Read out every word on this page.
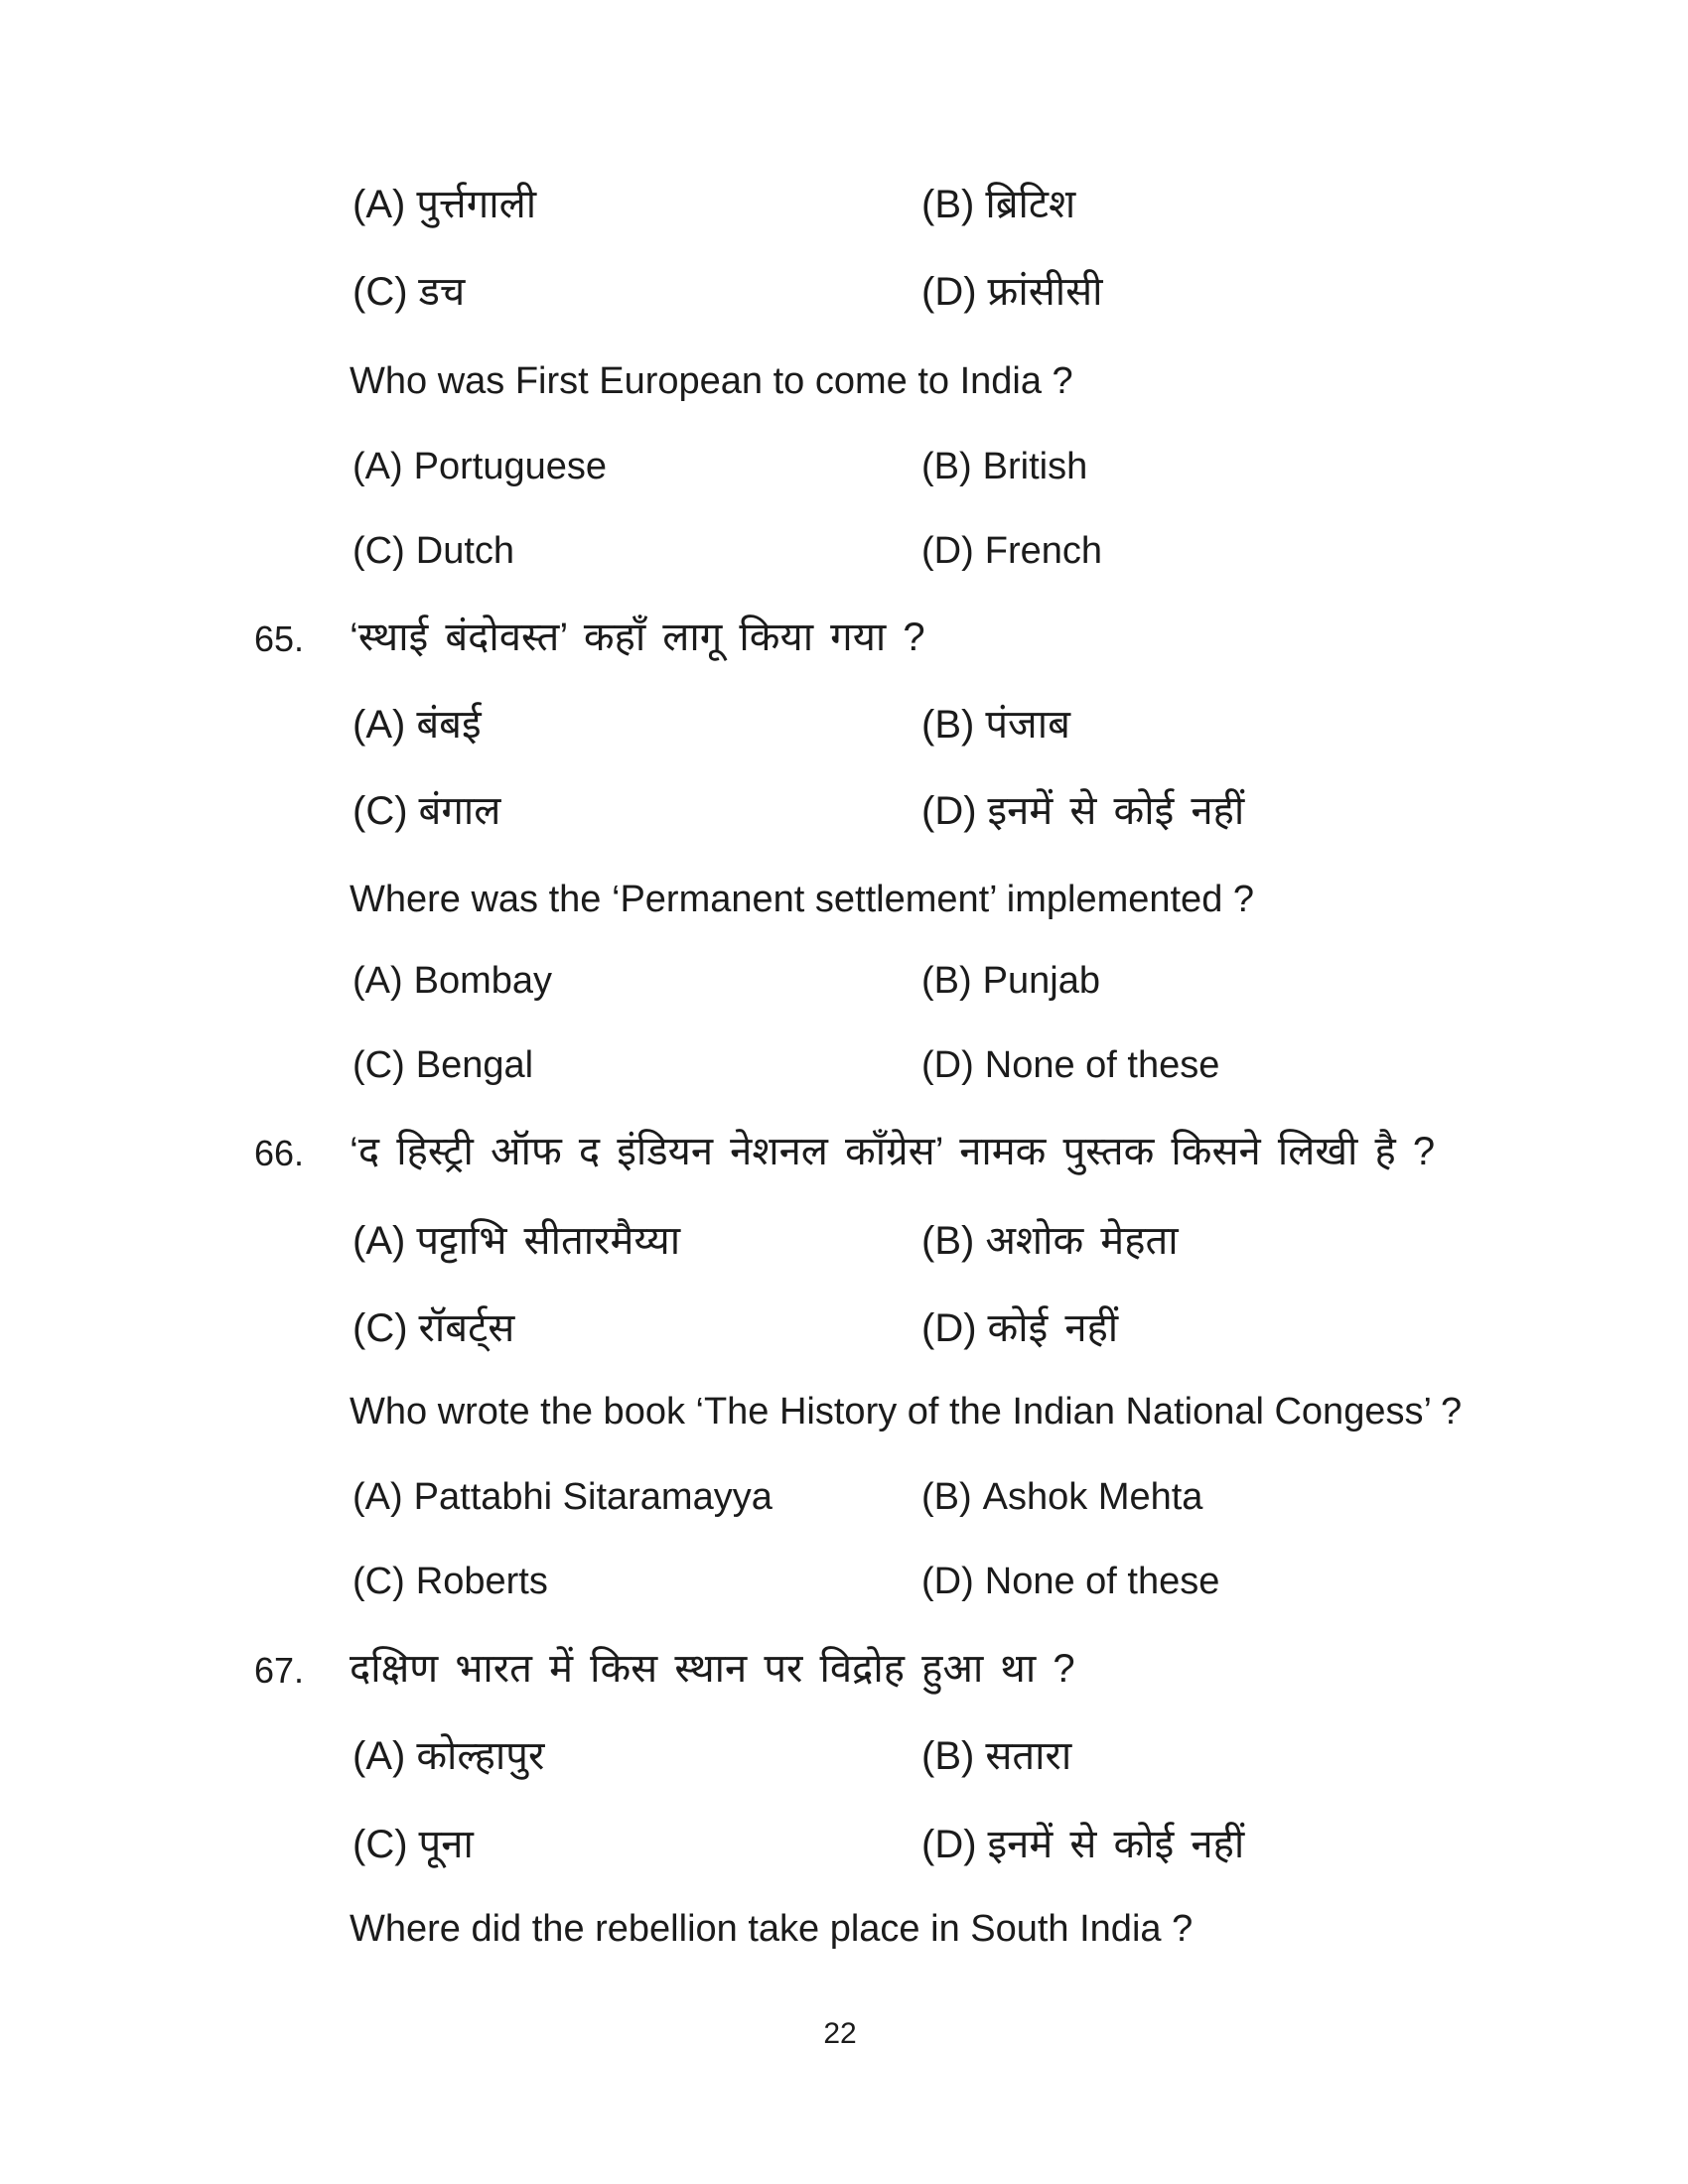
(A) पुर्त्तगाली	(B) ब्रिटिश
(C) डच	(D) फ्रांसीसी
Who was First European to come to India ?
(A) Portuguese	(B) British
(C) Dutch	(D) French
65. ‘स्थाई बंदोवस्त’ कहाँ लागू किया गया ?
(A) बंबई	(B) पंजाब
(C) बंगाल	(D) इनमें से कोई नहीं
Where was the ‘Permanent settlement’ implemented ?
(A) Bombay	(B) Punjab
(C) Bengal	(D) None of these
66. ‘द हिस्ट्री ऑफ द इंडियन नेशनल काँग्रेस’ नामक पुस्तक किसने लिखी है ?
(A) पट्टाभि सीतारमैय्या	(B) अशोक मेहता
(C) रॉबर्ट्स	(D) कोई नहीं
Who wrote the book ‘The History of the Indian National Congess’ ?
(A) Pattabhi Sitaramayya	(B) Ashok Mehta
(C) Roberts	(D) None of these
67. दक्षिण भारत में किस स्थान पर विद्रोह हुआ था ?
(A) कोल्हापुर	(B) सतारा
(C) पूना	(D) इनमें से कोई नहीं
Where did the rebellion take place in South India ?
22
